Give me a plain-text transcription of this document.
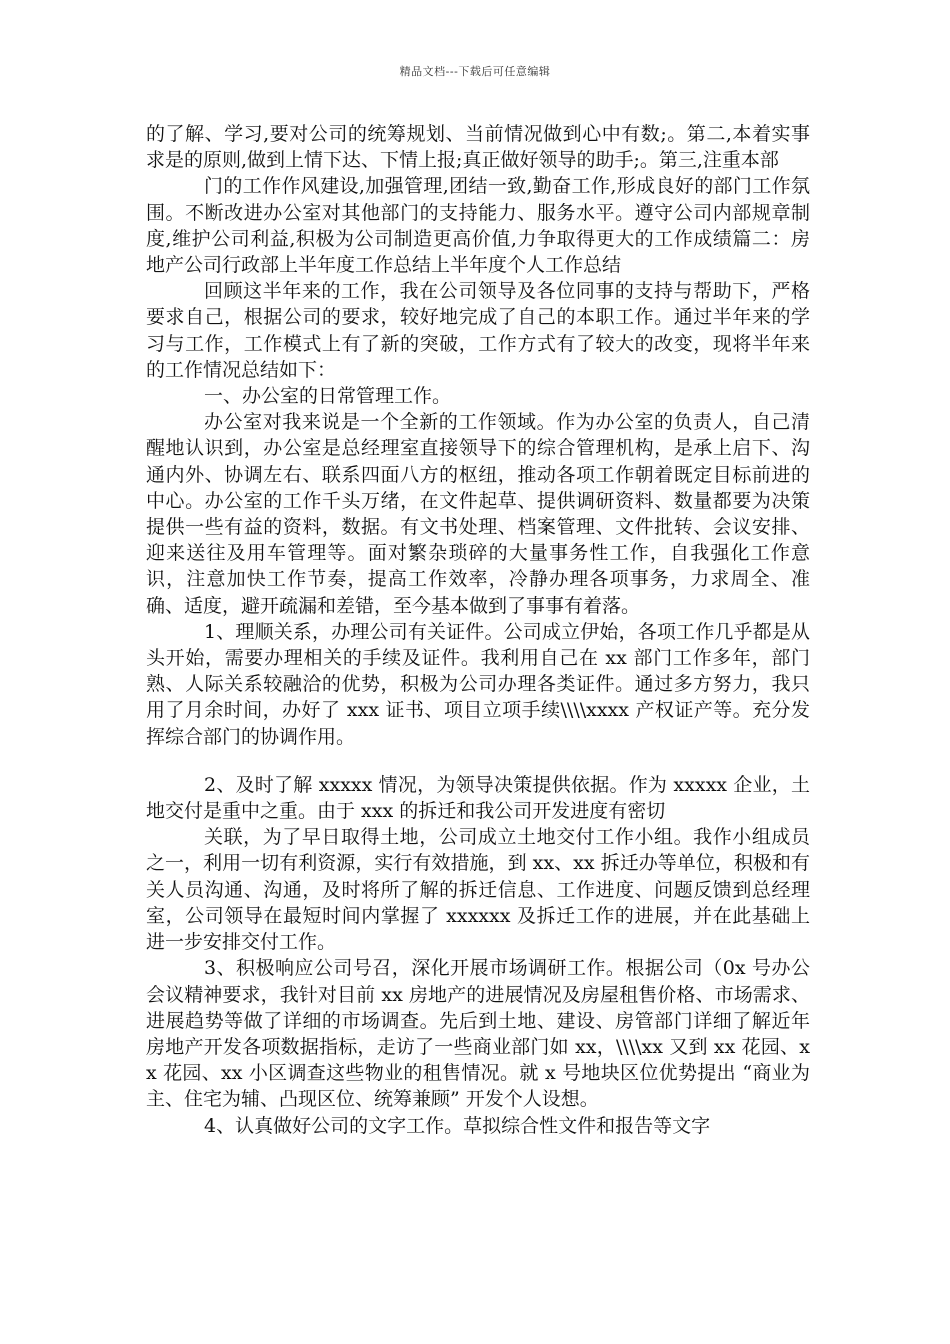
精品文档---下载后可任意编辑

的了解、学习,要对公司的统筹规划、当前情况做到心中有数;。第二,本着实事求是的原则,做到上情下达、下情上报;真正做好领导的助手;。第三,注重本部

门的工作作风建设,加强管理,团结一致,勤奋工作,形成良好的部门工作氛围。不断改进办公室对其他部门的支持能力、服务水平。遵守公司内部规章制度,维护公司利益,积极为公司制造更高价值,力争取得更大的工作成绩篇二：房地产公司行政部上半年度工作总结上半年度个人工作总结

回顾这半年来的工作，我在公司领导及各位同事的支持与帮助下，严格要求自己，根据公司的要求，较好地完成了自己的本职工作。通过半年来的学习与工作，工作模式上有了新的突破，工作方式有了较大的改变，现将半年来的工作情况总结如下：

一、办公室的日常管理工作。

办公室对我来说是一个全新的工作领域。作为办公室的负责人，自己清醒地认识到，办公室是总经理室直接领导下的综合管理机构，是承上启下、沟通内外、协调左右、联系四面八方的枢纽，推动各项工作朝着既定目标前进的中心。办公室的工作千头万绪，在文件起草、提供调研资料、数量都要为决策提供一些有益的资料，数据。有文书处理、档案管理、文件批转、会议安排、迎来送往及用车管理等。面对繁杂琐碎的大量事务性工作，自我强化工作意识，注意加快工作节奏，提高工作效率，冷静办理各项事务，力求周全、准确、适度，避开疏漏和差错，至今基本做到了事事有着落。

1、理顺关系，办理公司有关证件。公司成立伊始，各项工作几乎都是从头开始，需要办理相关的手续及证件。我利用自己在 xx 部门工作多年，部门熟、人际关系较融洽的优势，积极为公司办理各类证件。通过多方努力，我只用了月余时间，办好了 xxx 证书、项目立项手续\\\\xxxx 产权证产等。充分发挥综合部门的协调作用。

2、及时了解 xxxxx 情况，为领导决策提供依据。作为 xxxxx 企业，土地交付是重中之重。由于 xxx 的拆迁和我公司开发进度有密切

关联，为了早日取得土地，公司成立土地交付工作小组。我作小组成员之一，利用一切有利资源，实行有效措施，到 xx、xx 拆迁办等单位，积极和有关人员沟通、沟通，及时将所了解的拆迁信息、工作进度、问题反馈到总经理室，公司领导在最短时间内掌握了 xxxxxx 及拆迁工作的进展，并在此基础上进一步安排交付工作。

3、积极响应公司号召，深化开展市场调研工作。根据公司（0x 号办公会议精神要求，我针对目前 xx 房地产的进展情况及房屋租售价格、市场需求、进展趋势等做了详细的市场调查。先后到土地、建设、房管部门详细了解近年房地产开发各项数据指标，走访了一些商业部门如 xx，\\\\xx 又到 xx 花园、xx 花园、xx 小区调查这些物业的租售情况。就 x 号地块区位优势提出 “商业为主、住宅为辅、凸现区位、统筹兼顾” 开发个人设想。

4、认真做好公司的文字工作。草拟综合性文件和报告等文字
